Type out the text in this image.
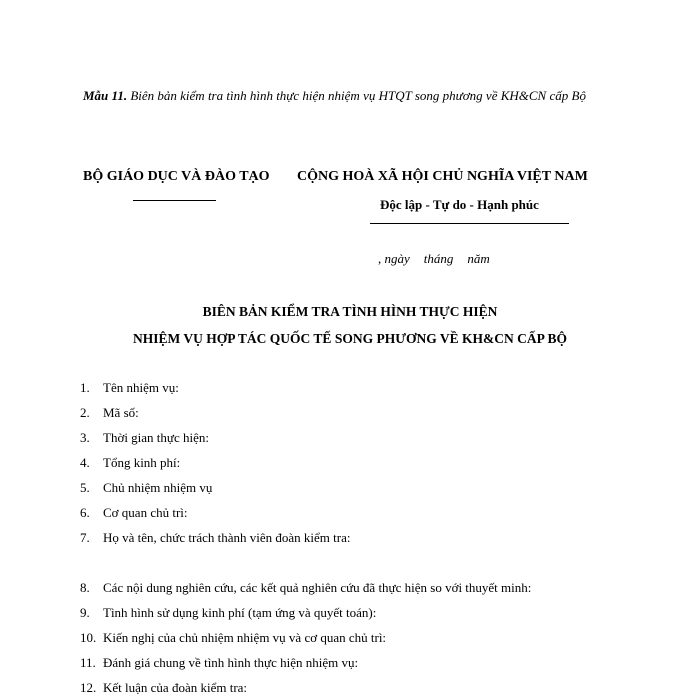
Mẫu 11. Biên bản kiểm tra tình hình thực hiện nhiệm vụ HTQT song phương về KH&CN cấp Bộ
BỘ GIÁO DỤC VÀ ĐÀO TẠO CỘNG HOÀ XÃ HỘI CHỦ NGHĨA VIỆT NAM
Độc lập - Tự do - Hạnh phúc
, ngày tháng năm
BIÊN BẢN KIỂM TRA TÌNH HÌNH THỰC HIỆN
NHIỆM VỤ HỢP TÁC QUỐC TẾ SONG PHƯƠNG VỀ KH&CN CẤP BỘ
1. Tên nhiệm vụ:
2. Mã số:
3. Thời gian thực hiện:
4. Tổng kinh phí:
5. Chủ nhiệm nhiệm vụ
6. Cơ quan chủ trì:
7. Họ và tên, chức trách thành viên đoàn kiểm tra:
8. Các nội dung nghiên cứu, các kết quả nghiên cứu đã thực hiện so với thuyết minh:
9. Tình hình sử dụng kinh phí (tạm ứng và quyết toán):
10. Kiến nghị của chủ nhiệm nhiệm vụ và cơ quan chủ trì:
11. Đánh giá chung về tình hình thực hiện nhiệm vụ:
12. Kết luận của đoàn kiểm tra:
